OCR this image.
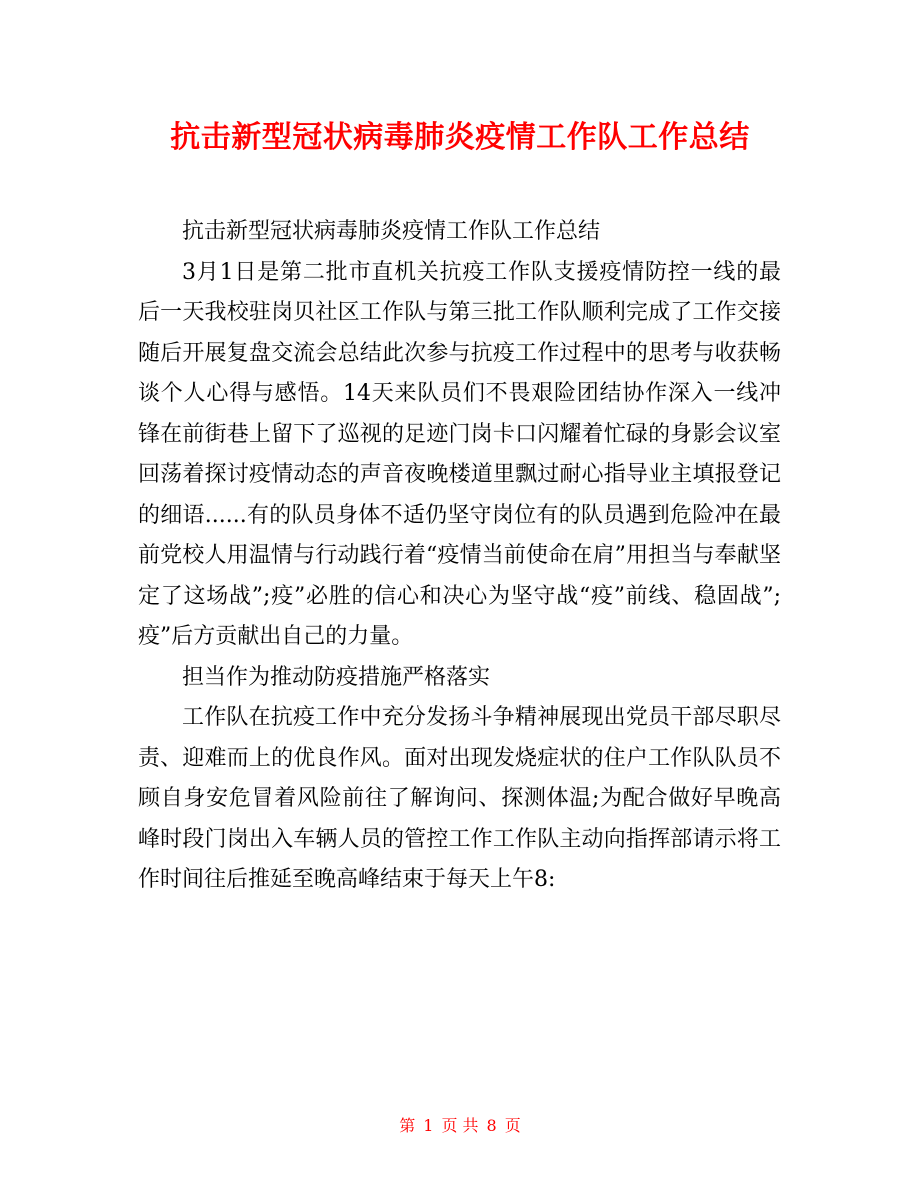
抗击新型冠状病毒肺炎疫情工作队工作总结

抗击新型冠状病毒肺炎疫情工作队工作总结

3月1日是第二批市直机关抗疫工作队支援疫情防控一线的最后一天我校驻岗贝社区工作队与第三批工作队顺利完成了工作交接随后开展复盘交流会总结此次参与抗疫工作过程中的思考与收获畅谈个人心得与感悟。14天来队员们不畏艰险团结协作深入一线冲锋在前街巷上留下了巡视的足迹门岗卡口闪耀着忙碌的身影会议室回荡着探讨疫情动态的声音夜晚楼道里飘过耐心指导业主填报登记的细语......有的队员身体不适仍坚守岗位有的队员遇到危险冲在最前党校人用温情与行动践行着“疫情当前使命在肩”用担当与奉献坚定了这场战”;疫”必胜的信心和决心为坚守战“疫”前线、稳固战”;疫”后方贡献出自己的力量。

担当作为推动防疫措施严格落实

工作队在抗疫工作中充分发扬斗争精神展现出党员干部尽职尽责、迎难而上的优良作风。面对出现发烧症状的住户工作队队员不顾自身安危冒着风险前往了解询问、探测体温;为配合做好早晚高峰时段门岗出入车辆人员的管控工作工作队主动向指挥部请示将工作时间往后推延至晚高峰结束于每天上午8:

第 1 页 共 8 页
